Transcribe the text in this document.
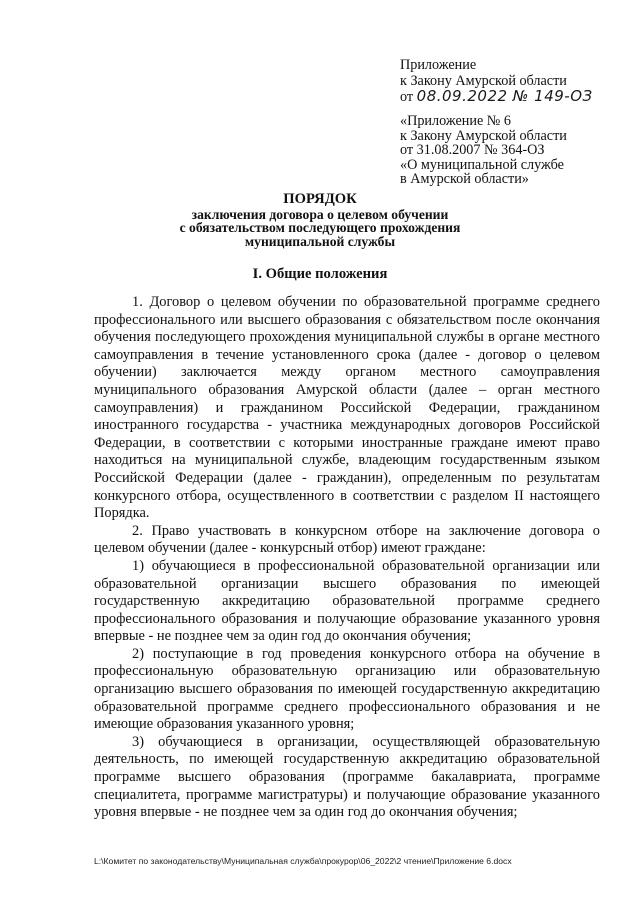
Приложение
к Закону Амурской области
от 08.09.2022 № 149-ОЗ
«Приложение № 6
к Закону Амурской области
от 31.08.2007 № 364-ОЗ
«О муниципальной службе
в Амурской области»
ПОРЯДОК
заключения договора о целевом обучении
с обязательством последующего прохождения
муниципальной службы
I. Общие положения

1. Договор о целевом обучении по образовательной программе среднего профессионального или высшего образования с обязательством после окончания обучения последующего прохождения муниципальной службы в органе местного самоуправления в течение установленного срока (далее - договор о целевом обучении) заключается между органом местного самоуправления муниципального образования Амурской области (далее – орган местного самоуправления) и гражданином Российской Федерации, гражданином иностранного государства - участника международных договоров Российской Федерации, в соответствии с которыми иностранные граждане имеют право находиться на муниципальной службе, владеющим государственным языком Российской Федерации (далее - гражданин), определенным по результатам конкурсного отбора, осуществленного в соответствии с разделом II настоящего Порядка.

2. Право участвовать в конкурсном отборе на заключение договора о целевом обучении (далее - конкурсный отбор) имеют граждане:

1) обучающиеся в профессиональной образовательной организации или образовательной организации высшего образования по имеющей государственную аккредитацию образовательной программе среднего профессионального образования и получающие образование указанного уровня впервые - не позднее чем за один год до окончания обучения;

2) поступающие в год проведения конкурсного отбора на обучение в профессиональную образовательную организацию или образовательную организацию высшего образования по имеющей государственную аккредитацию образовательной программе среднего профессионального образования и не имеющие образования указанного уровня;

3) обучающиеся в организации, осуществляющей образовательную деятельность, по имеющей государственную аккредитацию образовательной программе высшего образования (программе бакалавриата, программе специалитета, программе магистратуры) и получающие образование указанного уровня впервые - не позднее чем за один год до окончания обучения;

L:\Комитет по законодательству\Муниципальная служба\прокурор\06_2022\2 чтение\Приложение 6.docx
